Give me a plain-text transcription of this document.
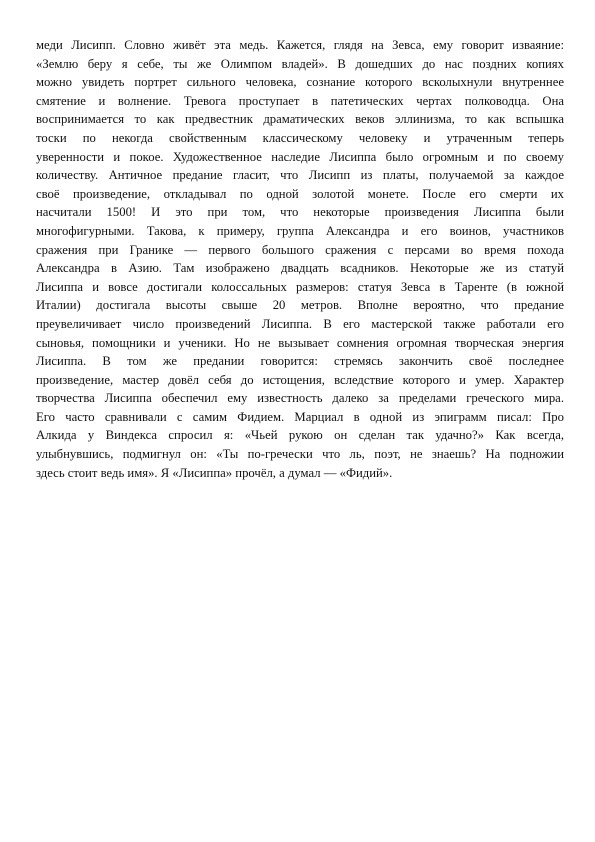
меди Лисипп. Словно живёт эта медь. Кажется, глядя на Зевса, ему говорит изваяние:
«Землю беру я себе, ты же Олимпом владей». В дошедших до нас поздних копиях
можно увидеть портрет сильного человека, сознание которого всколыхнули внутреннее
смятение и волнение. Тревога проступает в патетических чертах полководца. Она
воспринимается то как предвестник драматических веков эллинизма, то как вспышка
тоски по некогда свойственным классическому человеку и утраченным теперь
уверенности и покое. Художественное наследие Лисиппа было огромным и по своему
количеству. Античное предание гласит, что Лисипп из платы, получаемой за каждое
своё произведение, откладывал по одной золотой монете. После его смерти их
насчитали 1500! И это при том, что некоторые произведения Лисиппа были
многофигурными. Такова, к примеру, группа Александра и его воинов, участников
сражения при Гранике — первого большого сражения с персами во время похода
Александра в Азию. Там изображено двадцать всадников. Некоторые же из статуй
Лисиппа и вовсе достигали колоссальных размеров: статуя Зевса в Таренте (в южной
Италии) достигала высоты свыше 20 метров. Вполне вероятно, что предание
преувеличивает число произведений Лисиппа. В его мастерской также работали его
сыновья, помощники и ученики. Но не вызывает сомнения огромная творческая энергия
Лисиппа. В том же предании говорится: стремясь закончить своё последнее
произведение, мастер довёл себя до истощения, вследствие которого и умер. Характер
творчества Лисиппа обеспечил ему известность далеко за пределами греческого мира.
Его часто сравнивали с самим Фидием. Марциал в одной из эпиграмм писал: Про
Алкида у Виндекса спросил я: «Чьей рукою он сделан так удачно?» Как всегда,
улыбнувшись, подмигнул он: «Ты по-гречески что ль, поэт, не знаешь? На подножии
здесь стоит ведь имя». Я «Лисиппа» прочёл, а думал — «Фидий».
